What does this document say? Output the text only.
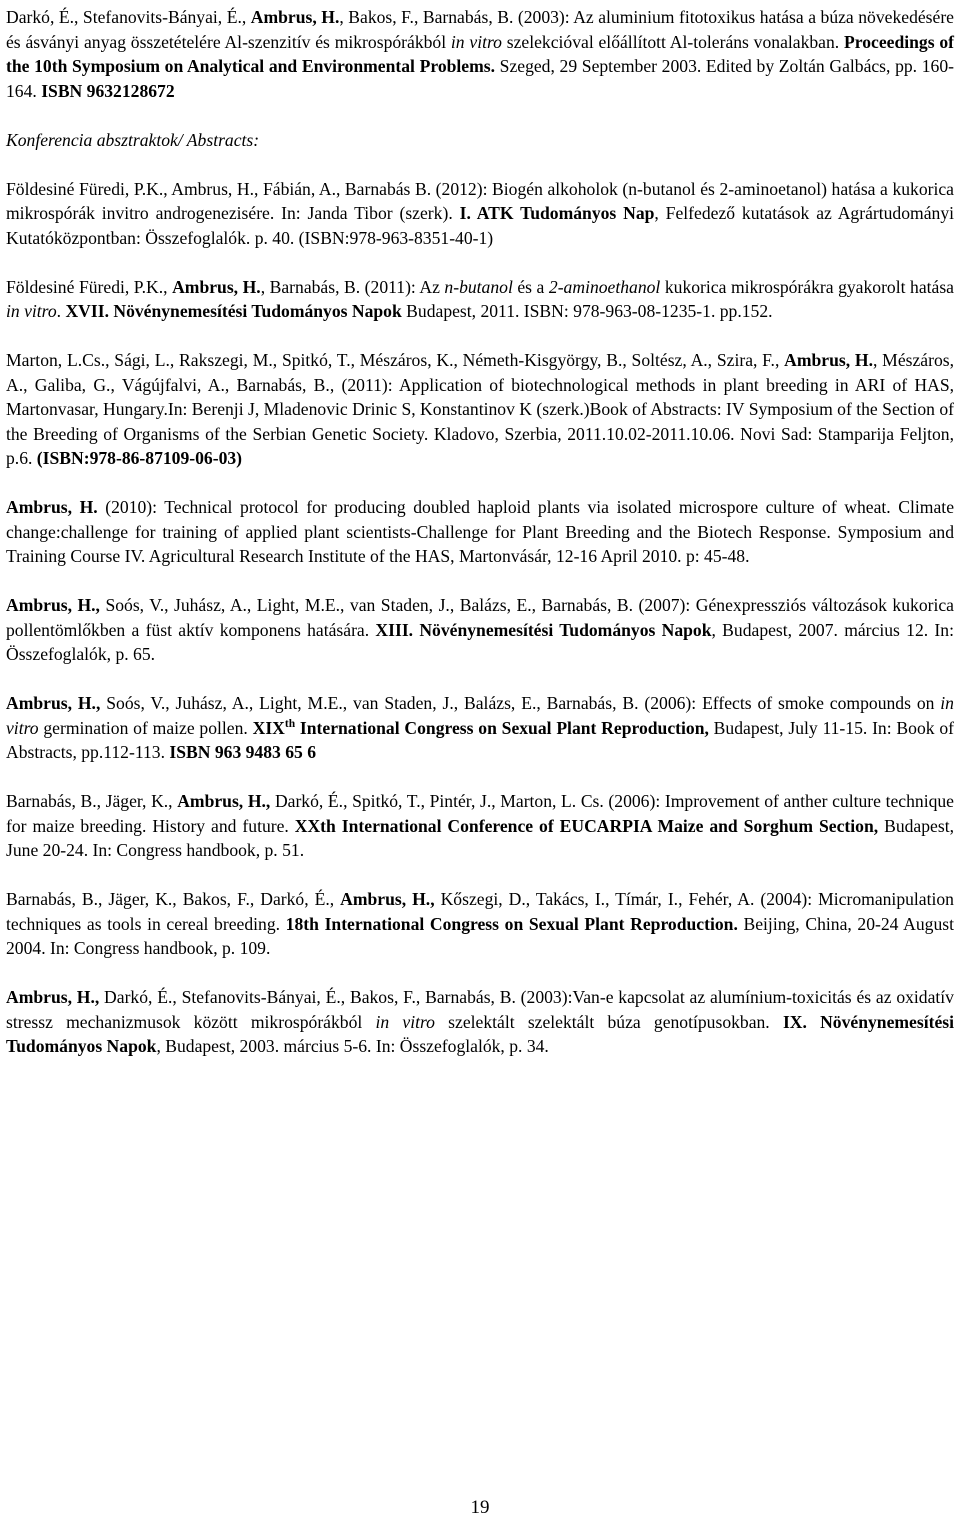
Darkó, É., Stefanovits-Bányai, É., Ambrus, H., Bakos, F., Barnabás, B. (2003): Az aluminium fitotoxikus hatása a búza növekedésére és ásványi anyag összetételére Al-szenzitív és mikrospórákból in vitro szelekcióval előállított Al-toleráns vonalakban. Proceedings of the 10th Symposium on Analytical and Environmental Problems. Szeged, 29 September 2003. Edited by Zoltán Galbács, pp. 160-164. ISBN 9632128672
Konferencia absztraktok/ Abstracts:
Földesiné Füredi, P.K., Ambrus, H., Fábián, A., Barnabás B. (2012): Biogén alkoholok (n-butanol és 2-aminoetanol) hatása a kukorica mikrospórák invitro androgenezisére. In: Janda Tibor (szerk). I. ATK Tudományos Nap, Felfedező kutatások az Agrártudományi Kutatóközpontban: Összefoglalók. p. 40. (ISBN:978-963-8351-40-1)
Földesiné Füredi, P.K., Ambrus, H., Barnabás, B. (2011): Az n-butanol és a 2-aminoethanol kukorica mikrospórákra gyakorolt hatása in vitro. XVII. Növénynemesítési Tudományos Napok Budapest, 2011. ISBN: 978-963-08-1235-1. pp.152.
Marton, L.Cs., Sági, L., Rakszegi, M., Spitkó, T., Mészáros, K., Németh-Kisgyörgy, B., Soltész, A., Szira, F., Ambrus, H., Mészáros, A., Galiba, G., Vágújfalvi, A., Barnabás, B., (2011): Application of biotechnological methods in plant breeding in ARI of HAS, Martonvasar, Hungary.In: Berenji J, Mladenovic Drinic S, Konstantinov K (szerk.)Book of Abstracts: IV Symposium of the Section of the Breeding of Organisms of the Serbian Genetic Society. Kladovo, Szerbia, 2011.10.02-2011.10.06. Novi Sad: Stamparija Feljton, p.6. (ISBN:978-86-87109-06-03)
Ambrus, H. (2010): Technical protocol for producing doubled haploid plants via isolated microspore culture of wheat. Climate change:challenge for training of applied plant scientists-Challenge for Plant Breeding and the Biotech Response. Symposium and Training Course IV. Agricultural Research Institute of the HAS, Martonvásár, 12-16 April 2010. p: 45-48.
Ambrus, H., Soós, V., Juhász, A., Light, M.E., van Staden, J., Balázs, E., Barnabás, B. (2007): Génexpressziós változások kukorica pollentömlőkben a füst aktív komponens hatására. XIII. Növénynemesítési Tudományos Napok, Budapest, 2007. március 12. In: Összefoglalók, p. 65.
Ambrus, H., Soós, V., Juhász, A., Light, M.E., van Staden, J., Balázs, E., Barnabás, B. (2006): Effects of smoke compounds on in vitro germination of maize pollen. XIXth International Congress on Sexual Plant Reproduction, Budapest, July 11-15. In: Book of Abstracts, pp.112-113. ISBN 963 9483 65 6
Barnabás, B., Jäger, K., Ambrus, H., Darkó, É., Spitkó, T., Pintér, J., Marton, L. Cs. (2006): Improvement of anther culture technique for maize breeding. History and future. XXth International Conference of EUCARPIA Maize and Sorghum Section, Budapest, June 20-24. In: Congress handbook, p. 51.
Barnabás, B., Jäger, K., Bakos, F., Darkó, É., Ambrus, H., Kőszegi, D., Takács, I., Tímár, I., Fehér, A. (2004): Micromanipulation techniques as tools in cereal breeding. 18th International Congress on Sexual Plant Reproduction. Beijing, China, 20-24 August 2004. In: Congress handbook, p. 109.
Ambrus, H., Darkó, É., Stefanovits-Bányai, É., Bakos, F., Barnabás, B. (2003):Van-e kapcsolat az alumínium-toxicitás és az oxidatív stressz mechanizmusok között mikrospórákból in vitro szelektált szelektált búza genotípusokban. IX. Növénynemesítési Tudományos Napok, Budapest, 2003. március 5-6. In: Összefoglalók, p. 34.
19
